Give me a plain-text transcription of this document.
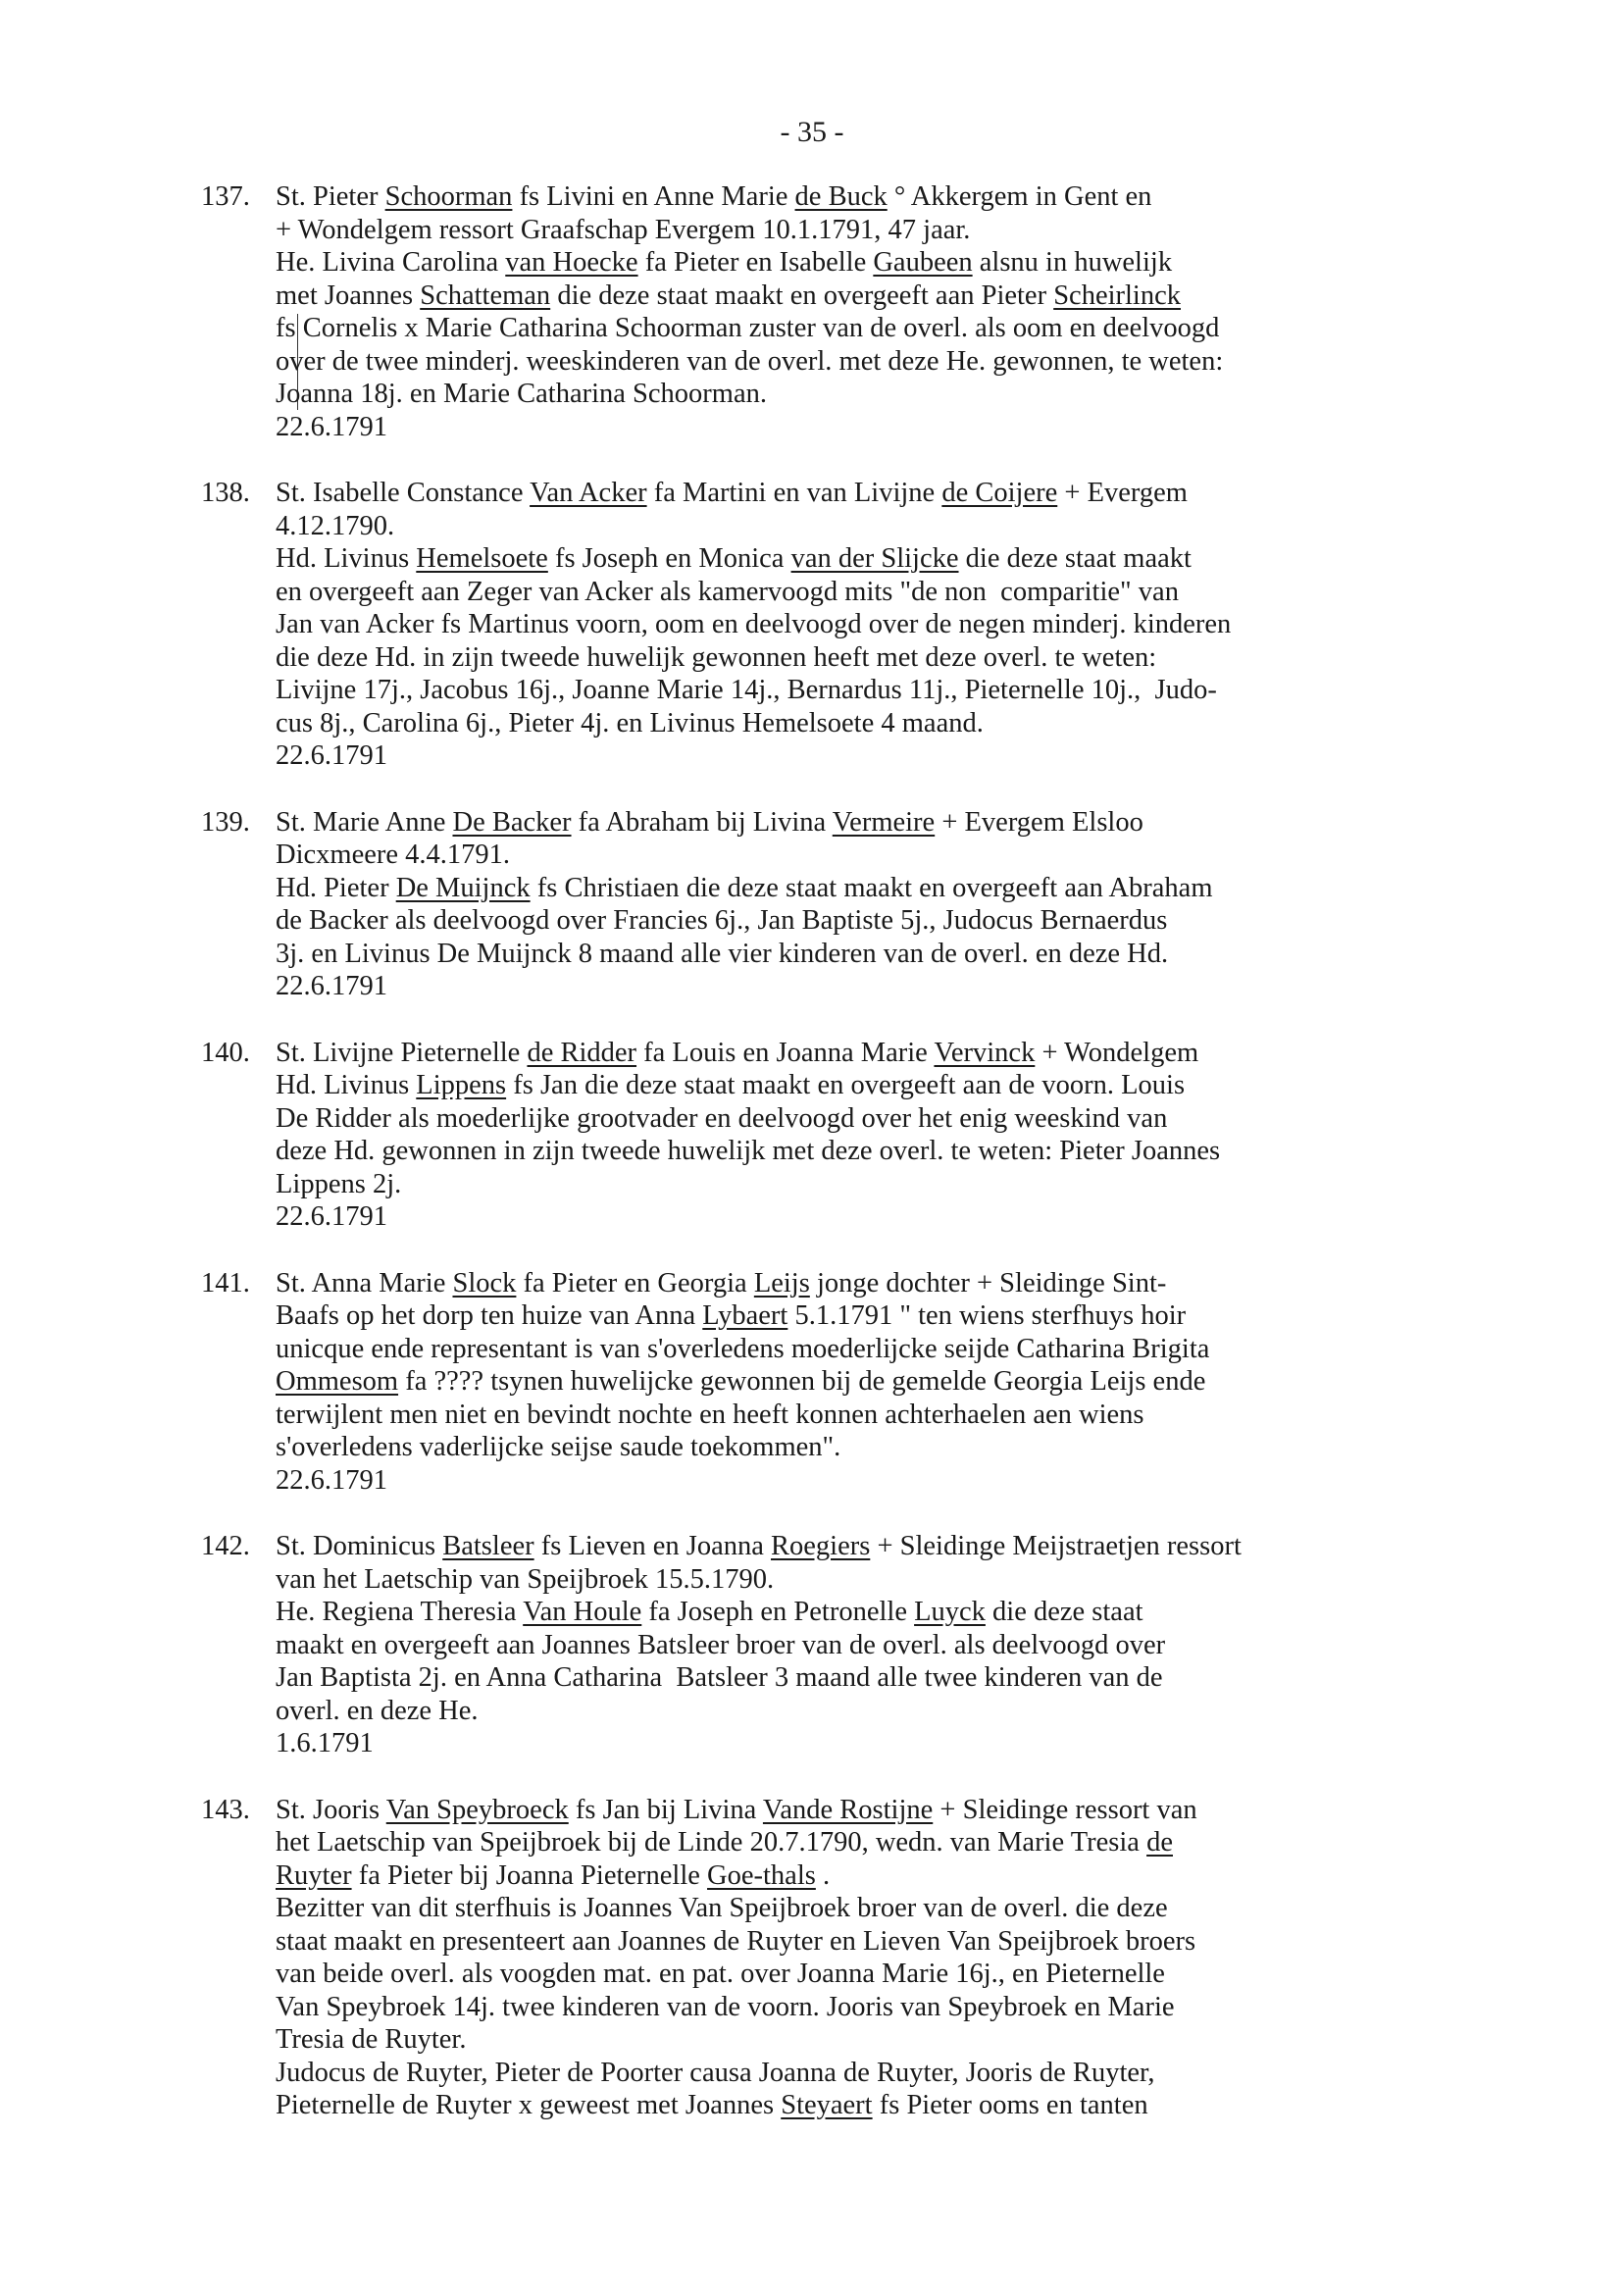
- 35 -
137. St. Pieter Schoorman fs Livini en Anne Marie de Buck ° Akkergem in Gent en
+ Wondelgem ressort Graafschap Evergem 10.1.1791, 47 jaar.
He. Livina Carolina van Hoecke fa Pieter en Isabelle Gaubeen alsnu in huwelijk
met Joannes Schatteman die deze staat maakt en overgeeft aan Pieter Scheirlinck
fs Cornelis x Marie Catharina Schoorman zuster van de overl. als oom en deelvoogd
over de twee minderj. weeskinderen van de overl. met deze He. gewonnen, te weten:
Joanna 18j. en Marie Catharina Schoorman.
22.6.1791
138. St. Isabelle Constance Van Acker fa Martini en van Livijne de Coijere + Evergem
4.12.1790.
Hd. Livinus Hemelsoete fs Joseph en Monica van der Slijcke die deze staat maakt
en overgeeft aan Zeger van Acker als kamervoogd mits "de non  comparitie" van
Jan van Acker fs Martinus voorn, oom en deelvoogd over de negen minderj. kinderen
die deze Hd. in zijn tweede huwelijk gewonnen heeft met deze overl. te weten:
Livijne 17j., Jacobus 16j., Joanne Marie 14j., Bernardus 11j., Pieternelle 10j.,  Judo-
cus 8j., Carolina 6j., Pieter 4j. en Livinus Hemelsoete 4 maand.
22.6.1791
139. St. Marie Anne De Backer fa Abraham bij Livina Vermeire + Evergem Elsloo
Dicxmeere 4.4.1791.
Hd. Pieter De Muijnck fs Christiaen die deze staat maakt en overgeeft aan Abraham
de Backer als deelvoogd over Francies 6j., Jan Baptiste 5j., Judocus Bernaerdus
3j. en Livinus De Muijnck 8 maand alle vier kinderen van de overl. en deze Hd.
22.6.1791
140. St. Livijne Pieternelle de Ridder fa Louis en Joanna Marie Vervinck + Wondelgem
Hd. Livinus Lippens fs Jan die deze staat maakt en overgeeft aan de voorn. Louis
De Ridder als moederlijke grootvader en deelvoogd over het enig weeskind van
deze Hd. gewonnen in zijn tweede huwelijk met deze overl. te weten: Pieter Joannes
Lippens 2j.
22.6.1791
141. St. Anna Marie Slock fa Pieter en Georgia Leijs jonge dochter + Sleidinge Sint-
Baafs op het dorp ten huize van Anna Lybaert 5.1.1791 " ten wiens sterfhuys hoir
unicque ende representant is van s'overledens moederlijcke seijde Catharina Brigita
Ommesom fa ???? tsynen huwelijcke gewonnen bij de gemelde Georgia Leijs ende
terwijlent men niet en bevindt nochte en heeft konnen achterhaelen aen wiens
s'overledens vaderlijcke seijse saude toekommen".
22.6.1791
142. St. Dominicus Batsleer fs Lieven en Joanna Roegiers + Sleidinge Meijstraetjen ressort
van het Laetschip van Speijbroek 15.5.1790.
He. Regiena Theresia Van Houle fa Joseph en Petronelle Luyck die deze staat
maakt en overgeeft aan Joannes Batsleer broer van de overl. als deelvoogd over
Jan Baptista 2j. en Anna Catharina  Batsleer 3 maand alle twee kinderen van de
overl. en deze He.
1.6.1791
143. St. Jooris Van Speybroeck fs Jan bij Livina Vande Rostijne + Sleidinge ressort van
het Laetschip van Speijbroek bij de Linde 20.7.1790, wedn. van Marie Tresia de
Ruyter fa Pieter bij Joanna Pieternelle Goe-thals .
Bezitter van dit sterfhuis is Joannes Van Speijbroek broer van de overl. die deze
staat maakt en presenteert aan Joannes de Ruyter en Lieven Van Speijbroek broers
van beide overl. als voogden mat. en pat. over Joanna Marie 16j., en Pieternelle
Van Speybroek 14j. twee kinderen van de voorn. Jooris van Speybroek en Marie
Tresia de Ruyter.
Judocus de Ruyter, Pieter de Poorter causa Joanna de Ruyter, Jooris de Ruyter,
Pieternelle de Ruyter x geweest met Joannes Steyaert fs Pieter ooms en tanten
